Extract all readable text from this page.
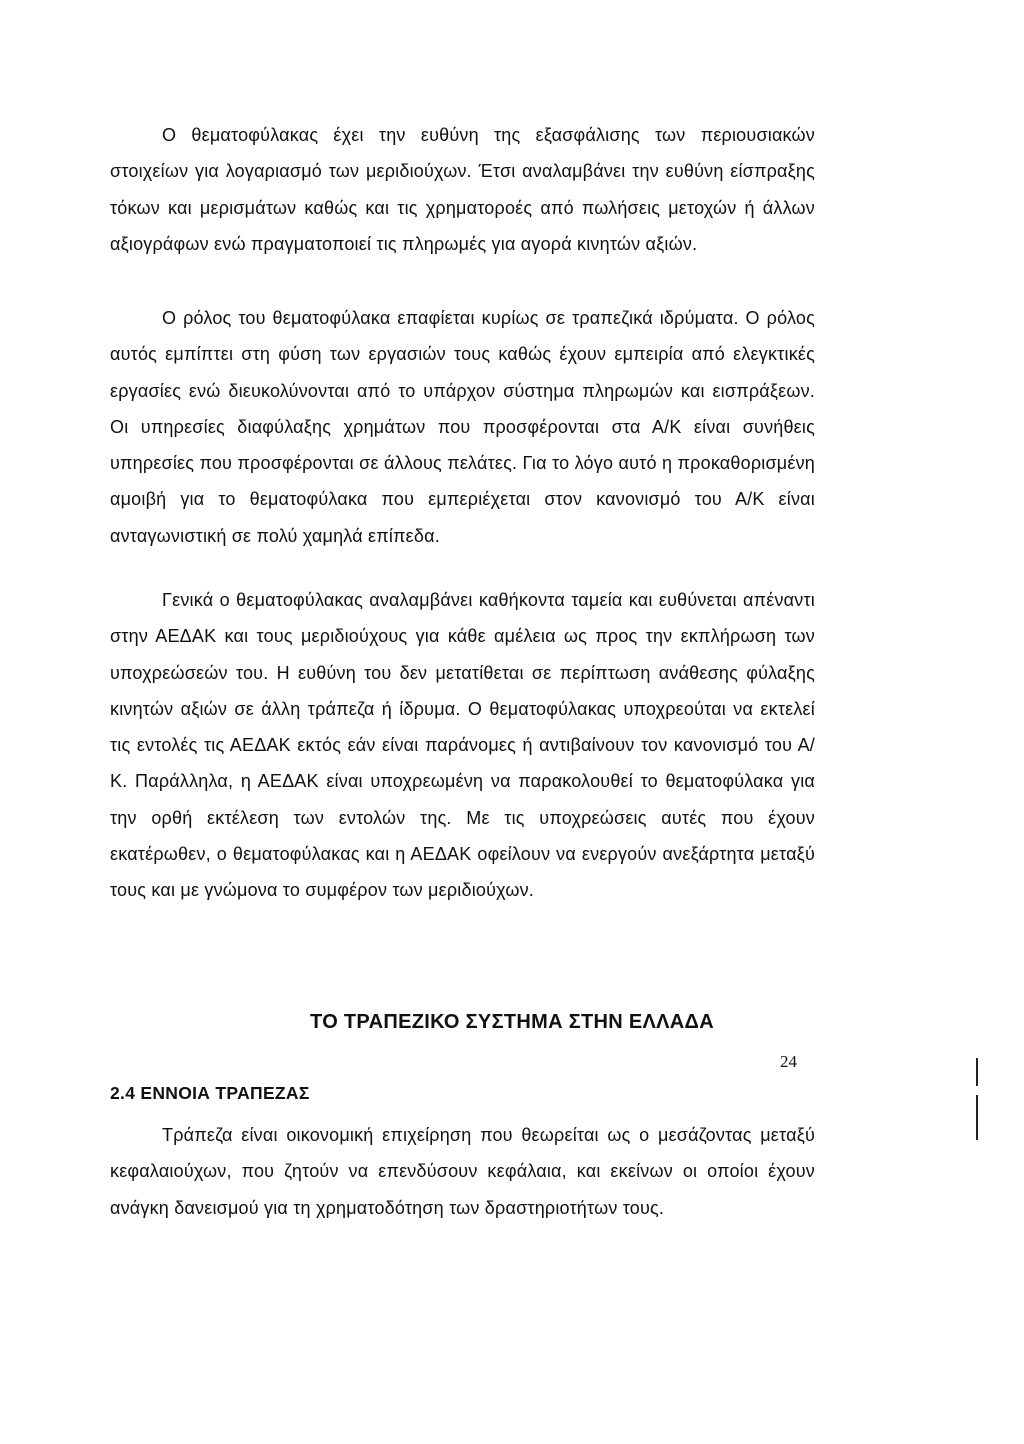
Ο θεματοφύλακας έχει την ευθύνη της εξασφάλισης των περιουσιακών στοιχείων για λογαριασμό των μεριδιούχων. Έτσι αναλαμβάνει την ευθύνη είσπραξης τόκων και μερισμάτων καθώς και τις χρηματοροές από πωλήσεις μετοχών ή άλλων αξιογράφων ενώ πραγματοποιεί τις πληρωμές για αγορά κινητών αξιών.

Ο ρόλος του θεματοφύλακα επαφίεται κυρίως σε τραπεζικά ιδρύματα. Ο ρόλος αυτός εμπίπτει στη φύση των εργασιών τους καθώς έχουν εμπειρία από ελεγκτικές εργασίες ενώ διευκολύνονται από το υπάρχον σύστημα πληρωμών και εισπράξεων. Οι υπηρεσίες διαφύλαξης χρημάτων που προσφέρονται στα Α/Κ είναι συνήθεις υπηρεσίες που προσφέρονται σε άλλους πελάτες. Για το λόγο αυτό η προκαθορισμένη αμοιβή για το θεματοφύλακα που εμπεριέχεται στον κανονισμό του Α/Κ είναι ανταγωνιστική σε πολύ χαμηλά επίπεδα.

Γενικά ο θεματοφύλακας αναλαμβάνει καθήκοντα ταμεία και ευθύνεται απέναντι στην ΑΕΔΑΚ και τους μεριδιούχους για κάθε αμέλεια ως προς την εκπλήρωση των υποχρεώσεών του. Η ευθύνη του δεν μετατίθεται σε περίπτωση ανάθεσης φύλαξης κινητών αξιών σε άλλη τράπεζα ή ίδρυμα. Ο θεματοφύλακας υποχρεούται να εκτελεί τις εντολές τις ΑΕΔΑΚ εκτός εάν είναι παράνομες ή αντιβαίνουν τον κανονισμό του Α/Κ. Παράλληλα, η ΑΕΔΑΚ είναι υποχρεωμένη να παρακολουθεί το θεματοφύλακα για την ορθή εκτέλεση των εντολών της. Με τις υποχρεώσεις αυτές που έχουν εκατέρωθεν, ο θεματοφύλακας και η ΑΕΔΑΚ οφείλουν να ενεργούν ανεξάρτητα μεταξύ τους και με γνώμονα το συμφέρον των μεριδιούχων.

ΤΟ ΤΡΑΠΕΖΙΚΟ ΣΥΣΤΗΜΑ ΣΤΗΝ ΕΛΛΑΔΑ
2.4 ΕΝΝΟΙΑ ΤΡΑΠΕΖΑΣ

Τράπεζα είναι οικονομική επιχείρηση που θεωρείται ως ο μεσάζοντας μεταξύ κεφαλαιούχων, που ζητούν να επενδύσουν κεφάλαια, και εκείνων οι οποίοι έχουν ανάγκη δανεισμού για τη χρηματοδότηση των δραστηριοτήτων τους.

24
